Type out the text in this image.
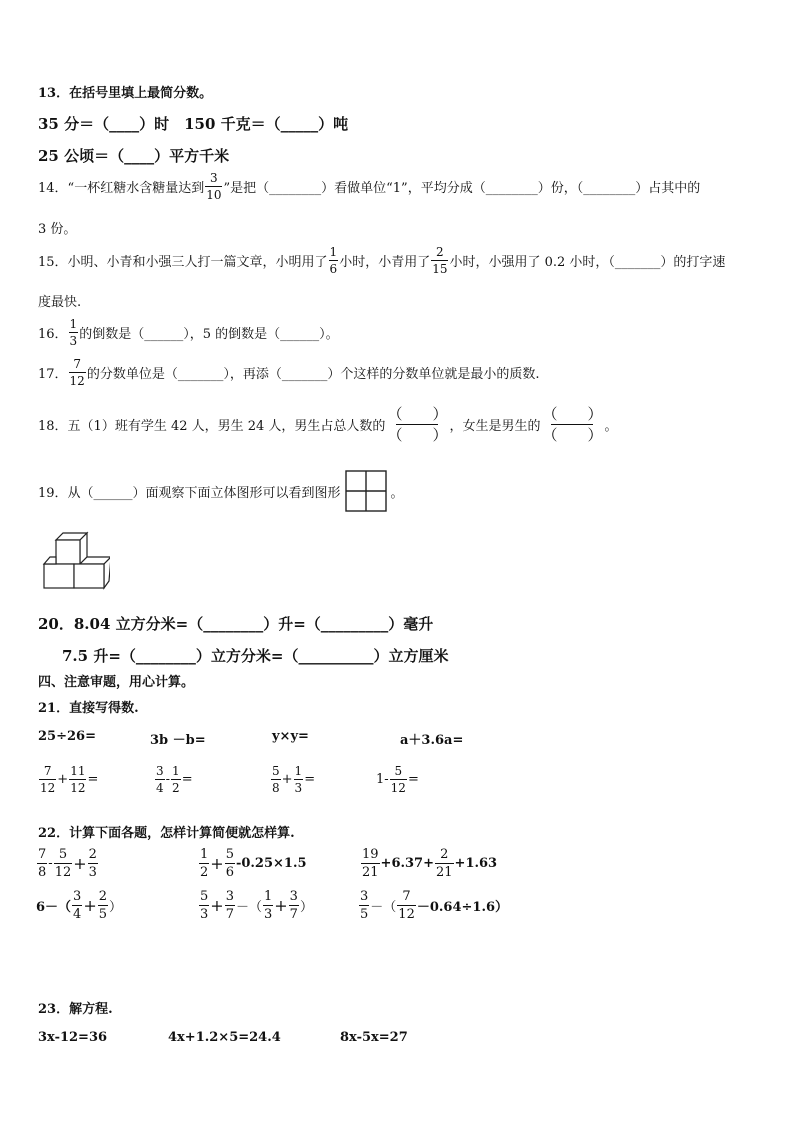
13．在括号里填上最简分数。
35 分＝（____）时　150 千克＝（_____）吨
25 公顷＝（____）平方千米
14．“一杯红糖水含糖量达到 $\frac{3}{10}$ ”是把（________）看做单位“1”，平均分成（________）份，（________）占其中的
3 份。
15．小明、小青和小强三人打一篇文章，小明用了 $\frac{1}{6}$ 小时，小青用了 $\frac{2}{15}$ 小时，小强用了 0.2 小时，（_______）的打字速
度最快.
16． $\frac{1}{3}$ 的倒数是（______），5 的倒数是（______）。
17． $\frac{7}{12}$ 的分数单位是（_______），再添（_______）个这样的分数单位就是最小的质数.
18．五（1）班有学生 42 人，男生 24 人，男生占总人数的
（　　）
（　　） ，女生是男生的
（　　）
（　　） 。
19．从（______）面观察下面立体图形可以看到图形	。
20．8.04 立方分米=（________）升=（_________）毫升
7.5 升=（________）立方分米=（__________）立方厘米
四、注意审题，用心计算。
21．直接写得数.
25÷26=	3b －b=	y×y=	a＋3.6a=
$\frac{7}{12} + \frac{11}{12}$ =	$\frac{3}{4} - \frac{1}{2}$ =	$\frac{5}{8} + \frac{1}{3}$ =	$1- \frac{5}{12}$ =
22．计算下面各题，怎样计算简便就怎样算.
$\frac{7}{8} - \frac{5}{12} + \frac{2}{3}$	$\frac{1}{2} + \frac{5}{6} -0.25\times 1.5$	$\frac{19}{21} +6.37+ \frac{2}{21} +1.63$
$6-( \frac{3}{4} + \frac{2}{5}$ ）	$\frac{5}{3} + \frac{3}{7}$ －（ $\frac{1}{3} + \frac{3}{7}$ ）	$\frac{3}{5}$ －（ $\frac{7}{12} -0.64\div 1.6$）
23．解方程.
3x-12=36	4x+1.2×5=24.4	8x-5x=27
